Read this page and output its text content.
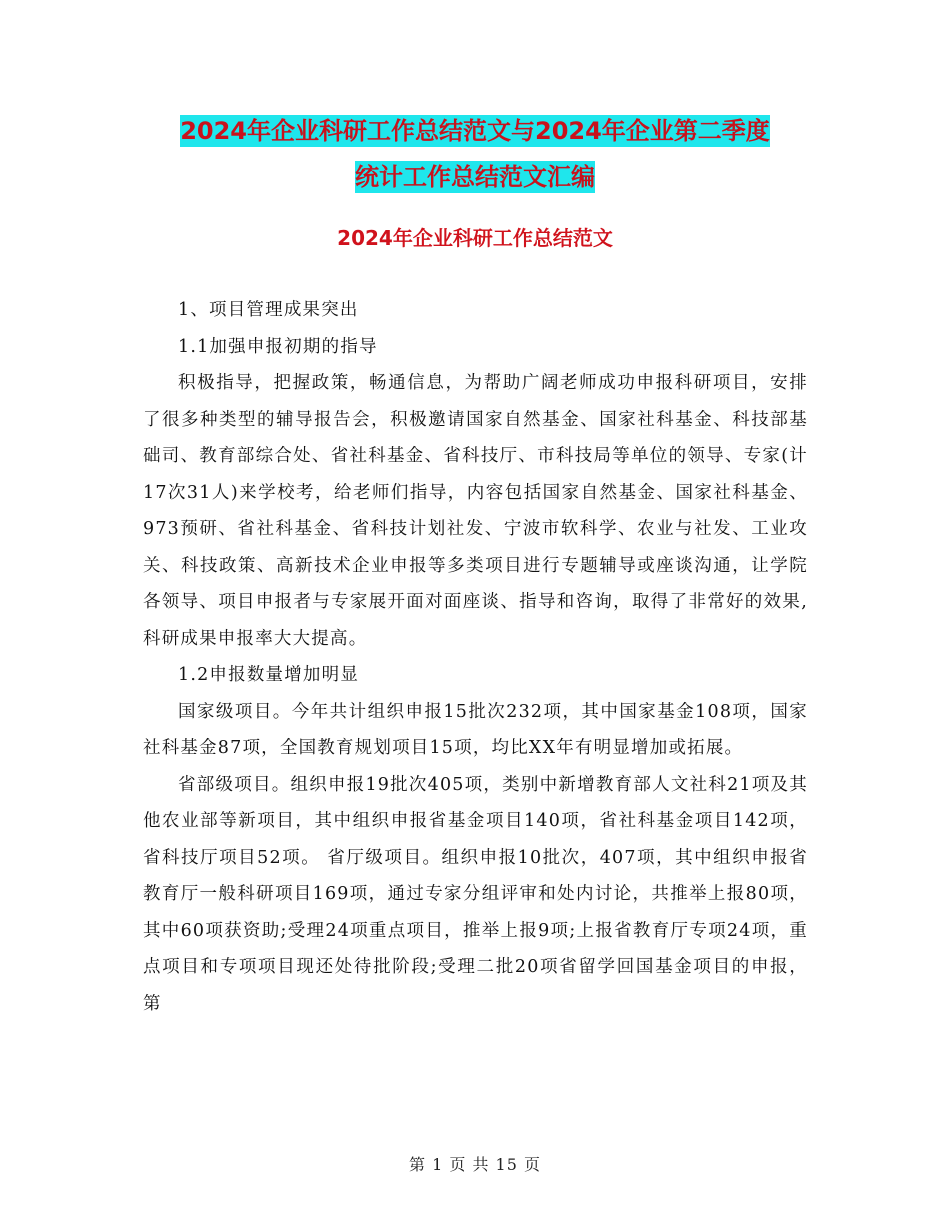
2024年企业科研工作总结范文与2024年企业第二季度
统计工作总结范文汇编
2024年企业科研工作总结范文

1、项目管理成果突出

1.1加强申报初期的指导

积极指导，把握政策，畅通信息，为帮助广阔老师成功申报科研项目，安排了很多种类型的辅导报告会，积极邀请国家自然基金、国家社科基金、科技部基础司、教育部综合处、省社科基金、省科技厅、市科技局等单位的领导、专家(计17次31人)来学校考，给老师们指导，内容包括国家自然基金、国家社科基金、973预研、省社科基金、省科技计划社发、宁波市软科学、农业与社发、工业攻关、科技政策、高新技术企业申报等多类项目进行专题辅导或座谈沟通，让学院各领导、项目申报者与专家展开面对面座谈、指导和咨询，取得了非常好的效果,科研成果申报率大大提高。

1.2申报数量增加明显

国家级项目。今年共计组织申报15批次232项，其中国家基金108项，国家社科基金87项，全国教育规划项目15项，均比XX年有明显增加或拓展。

省部级项目。组织申报19批次405项，类别中新增教育部人文社科21项及其他农业部等新项目，其中组织申报省基金项目140项，省社科基金项目142项，省科技厅项目52项。 省厅级项目。组织申报10批次，407项，其中组织申报省教育厅一般科研项目169项，通过专家分组评审和处内讨论，共推举上报80项，其中60项获资助;受理24项重点项目，推举上报9项;上报省教育厅专项24项，重点项目和专项项目现还处待批阶段;受理二批20项省留学回国基金项目的申报，第

第 1 页 共 15 页
